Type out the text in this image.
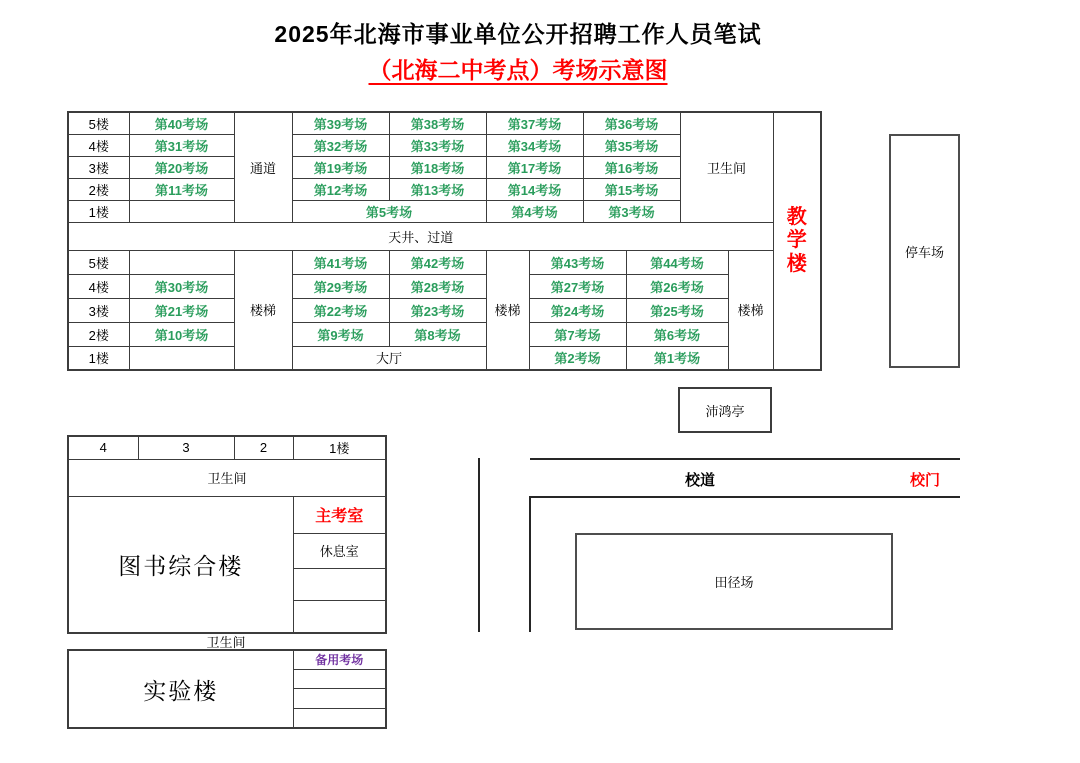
2025年北海市事业单位公开招聘工作人员笔试
（北海二中考点）考场示意图
5楼	第40考场	通道	第39考场	第38考场	第37考场		第36考场		卫生间		教学楼

4楼	第31考场		第32考场	第33考场	第34考场		第35考场				
3楼	第20考场		第19考场	第18考场	第17考场		第16考场				
2楼	第11考场		第12考场	第13考场	第14考场		第15考场				
1楼			第5考场		第4考场		第3考场				
天井、过道											
5楼		楼梯	第41考场	第42考场	楼梯	第43考场		第44考场		楼梯	
4楼	第30考场		第29考场	第28考场		第27考场		第26考场			
3楼	第21考场		第22考场	第23考场		第24考场		第25考场			
2楼	第10考场		第9考场	第8考场		第7考场		第6考场			
1楼			大厅			第2考场		第1考场			
停车场
沛鸿亭
校道	校门
田径场
4	3	2	1楼
卫生间			
图书综合楼			主考室
			休息室

卫生间
实验楼	备用考场
